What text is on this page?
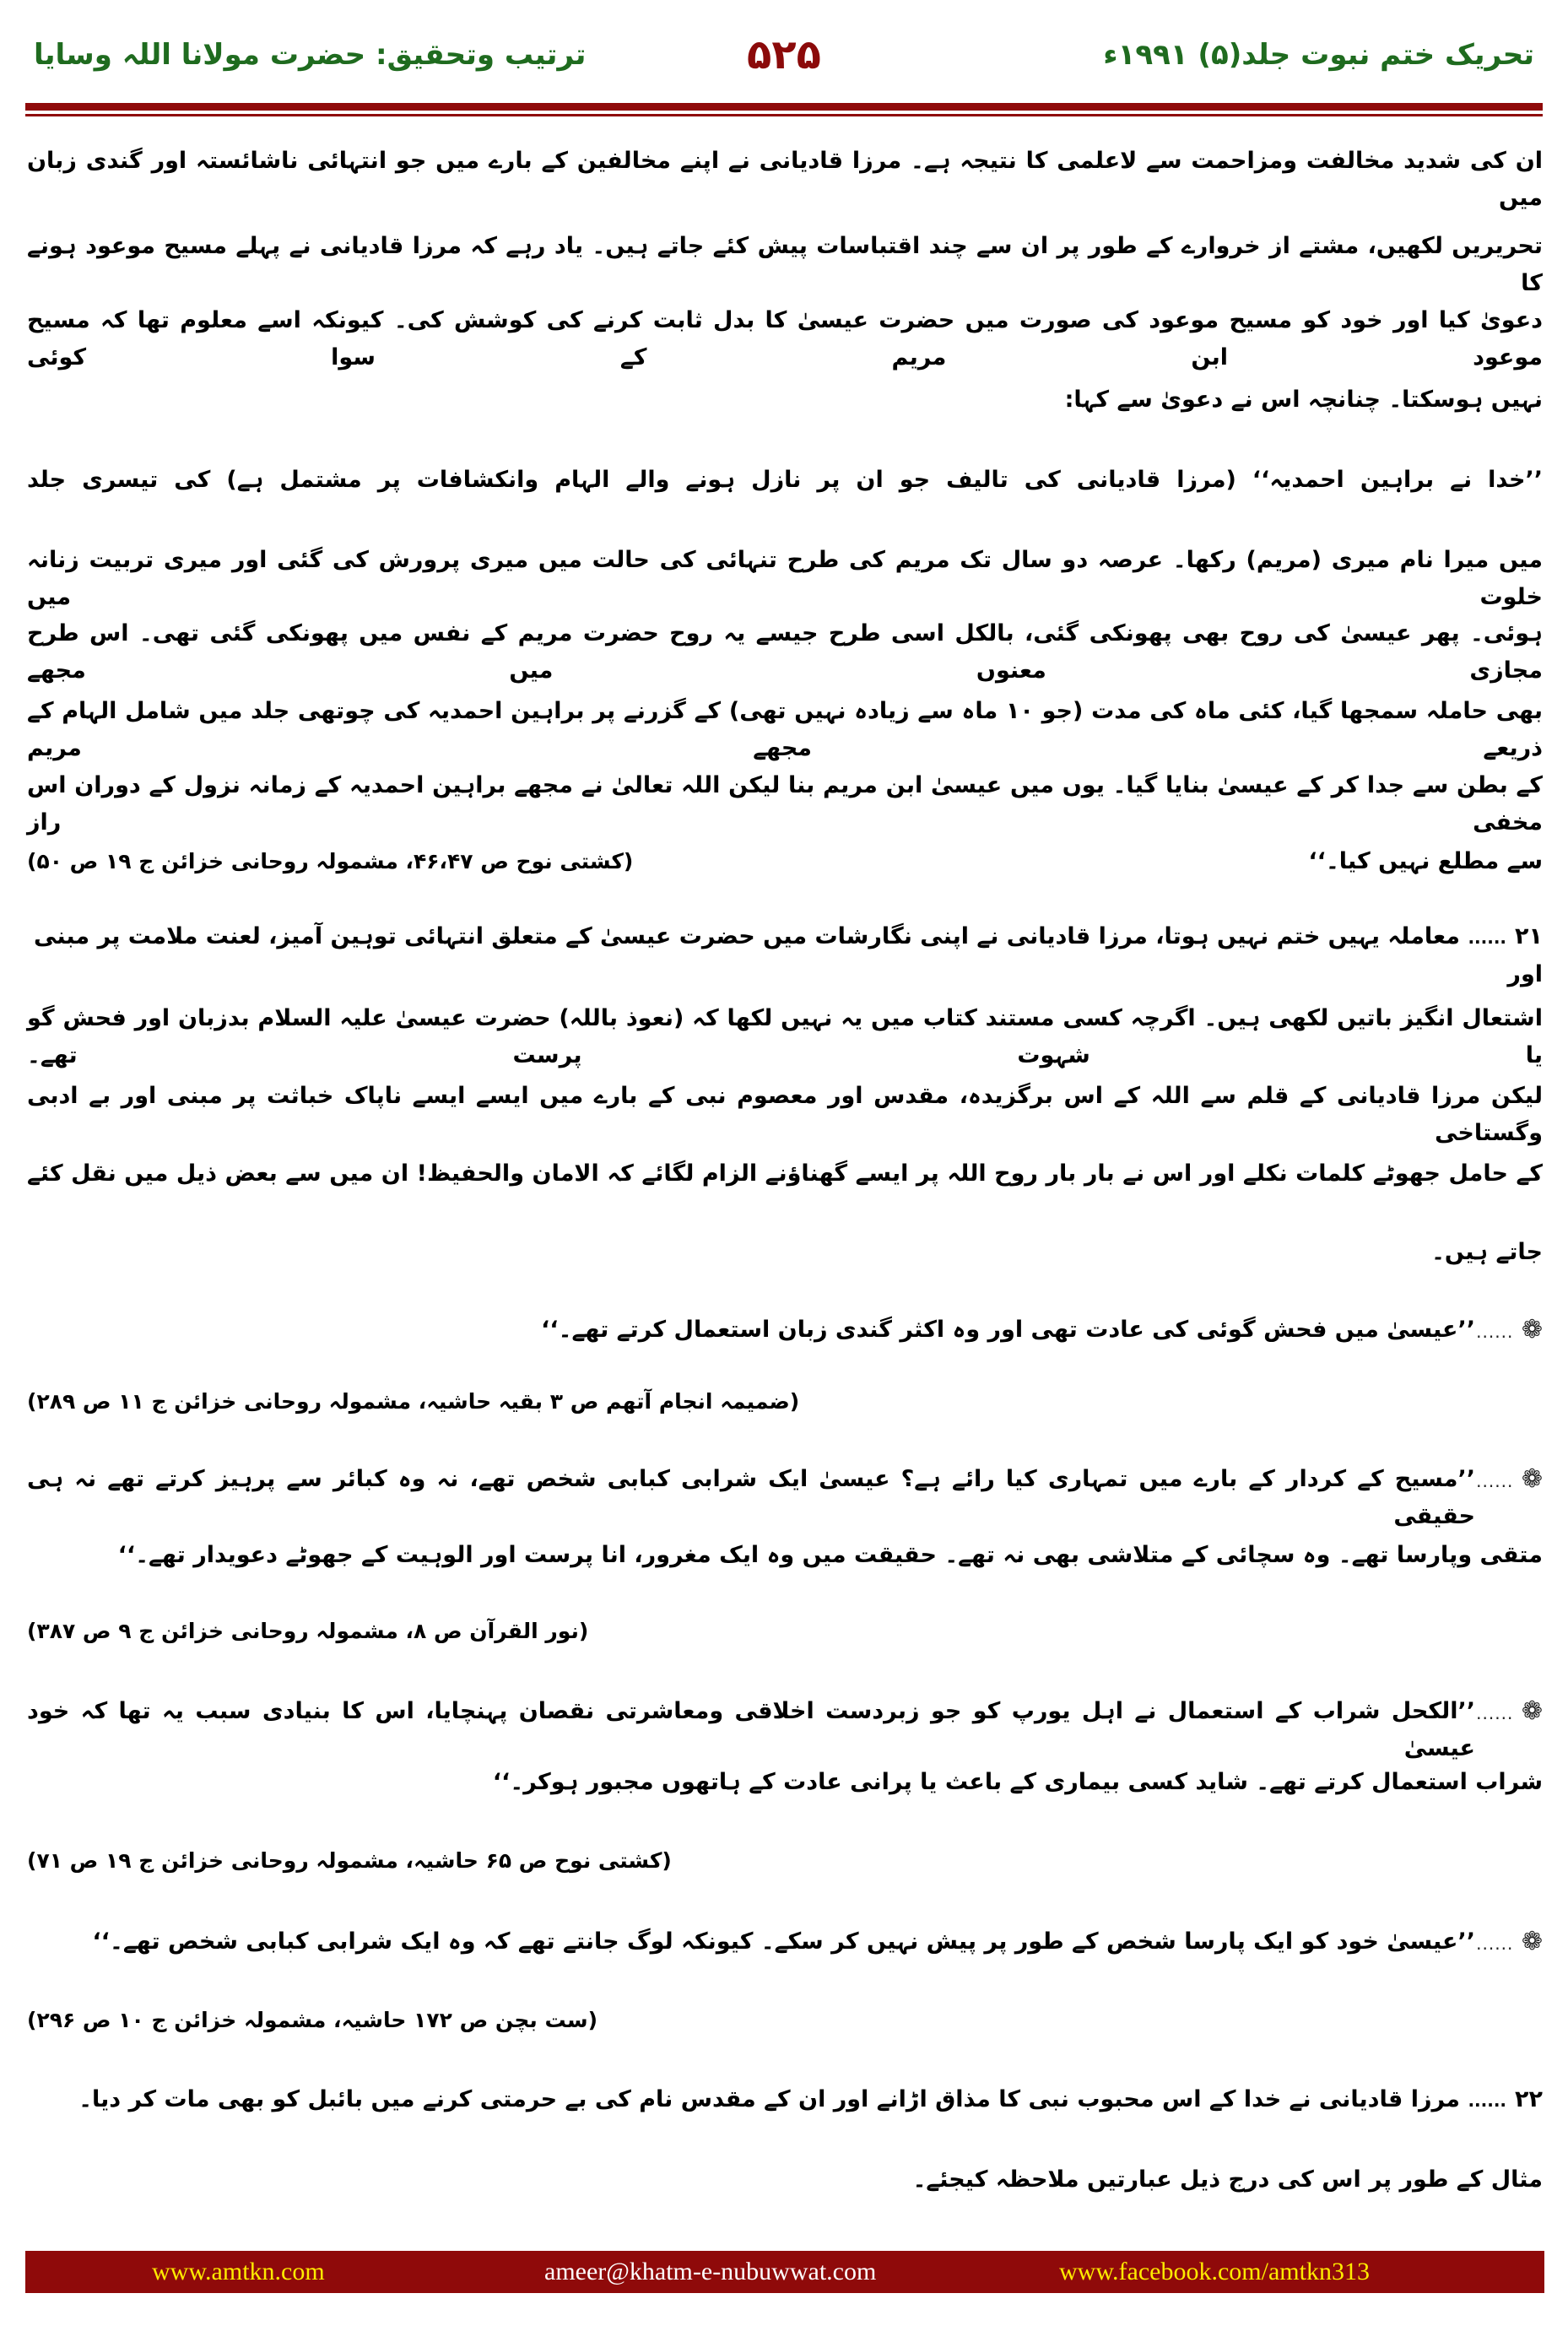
تحریک ختم نبوت جلد(۵) ۱۹۹۱ء
۵۲۵
ترتیب وتحقیق: حضرت مولانا اللہ وسایا
ان کی شدید مخالفت ومزاحمت سے لاعلمی کا نتیجہ ہے۔ مرزا قادیانی نے اپنے مخالفین کے بارے میں جو انتہائی ناشائستہ اور گندی زبان میں
تحریریں لکھیں، مشتے از خروارے کے طور پر ان سے چند اقتباسات پیش کئے جاتے ہیں۔ یاد رہے کہ مرزا قادیانی نے پہلے مسیح موعود ہونے کا
دعویٰ کیا اور خود کو مسیح موعود کی صورت میں حضرت عیسیٰ کا بدل ثابت کرنے کی کوشش کی۔ کیونکہ اسے معلوم تھا کہ مسیح موعود ابن مریم کے سوا کوئی
نہیں ہوسکتا۔ چنانچہ اس نے دعویٰ سے کہا:
’’خدا نے براہین احمدیہ‘‘ (مرزا قادیانی کی تالیف جو ان پر نازل ہونے والے الہام وانکشافات پر مشتمل ہے) کی تیسری جلد
میں میرا نام میری (مریم) رکھا۔ عرصہ دو سال تک مریم کی طرح تنہائی کی حالت میں میری پرورش کی گئی اور میری تربیت زنانہ خلوت میں
ہوئی۔ پھر عیسیٰ کی روح بھی پھونکی گئی، بالکل اسی طرح جیسے یہ روح حضرت مریم کے نفس میں پھونکی گئی تھی۔ اس طرح مجازی معنوں میں مجھے
بھی حاملہ سمجھا گیا، کئی ماہ کی مدت (جو ۱۰ ماہ سے زیادہ نہیں تھی) کے گزرنے پر براہین احمدیہ کی چوتھی جلد میں شامل الہام کے ذریعے مجھے مریم
کے بطن سے جدا کر کے عیسیٰ بنایا گیا۔ یوں میں عیسیٰ ابن مریم بنا لیکن اللہ تعالیٰ نے مجھے براہین احمدیہ کے زمانہ نزول کے دوران اس مخفی راز
سے مطلع نہیں کیا۔‘‘
(کشتی نوح ص ۴۶،۴۷، مشمولہ روحانی خزائن ج ۱۹ ص ۵۰)
۲۱...... معاملہ یہیں ختم نہیں ہوتا، مرزا قادیانی نے اپنی نگارشات میں حضرت عیسیٰ کے متعلق انتہائی توہین آمیز، لعنت ملامت پر مبنی اور
اشتعال انگیز باتیں لکھی ہیں۔ اگرچہ کسی مستند کتاب میں یہ نہیں لکھا کہ (نعوذ باللہ) حضرت عیسیٰ علیہ السلام بدزبان اور فحش گو یا شہوت پرست تھے۔
لیکن مرزا قادیانی کے قلم سے اللہ کے اس برگزیدہ، مقدس اور معصوم نبی کے بارے میں ایسے ایسے ناپاک خباثت پر مبنی اور بے ادبی وگستاخی
کے حامل جھوٹے کلمات نکلے اور اس نے بار بار روح اللہ پر ایسے گھناؤنے الزام لگائے کہ الامان والحفیظ! ان میں سے بعض ذیل میں نقل کئے
جاتے ہیں۔
...... ❁
’’عیسیٰ میں فحش گوئی کی عادت تھی اور وہ اکثر گندی زبان استعمال کرتے تھے۔‘‘
(ضمیمہ انجام آتھم ص ۳ بقیہ حاشیہ، مشمولہ روحانی خزائن ج ۱۱ ص ۲۸۹)
...... ❁
’’مسیح کے کردار کے بارے میں تمہاری کیا رائے ہے؟ عیسیٰ ایک شرابی کبابی شخص تھے، نہ وہ کبائر سے پرہیز کرتے تھے نہ ہی حقیقی
متقی وپارسا تھے۔ وہ سچائی کے متلاشی بھی نہ تھے۔ حقیقت میں وہ ایک مغرور، انا پرست اور الوہیت کے جھوٹے دعویدار تھے۔‘‘
(نور القرآن ص ۸، مشمولہ روحانی خزائن ج ۹ ص ۳۸۷)
...... ❁
’’الکحل شراب کے استعمال نے اہل یورپ کو جو زبردست اخلاقی ومعاشرتی نقصان پہنچایا، اس کا بنیادی سبب یہ تھا کہ خود عیسیٰ
شراب استعمال کرتے تھے۔ شاید کسی بیماری کے باعث یا پرانی عادت کے ہاتھوں مجبور ہوکر۔‘‘
(کشتی نوح ص ۶۵ حاشیہ، مشمولہ روحانی خزائن ج ۱۹ ص ۷۱)
...... ❁
’’عیسیٰ خود کو ایک پارسا شخص کے طور پر پیش نہیں کر سکے۔ کیونکہ لوگ جانتے تھے کہ وہ ایک شرابی کبابی شخص تھے۔‘‘
(ست بچن ص ۱۷۲ حاشیہ، مشمولہ خزائن ج ۱۰ ص ۲۹۶)
۲۲...... مرزا قادیانی نے خدا کے اس محبوب نبی کا مذاق اڑانے اور ان کے مقدس نام کی بے حرمتی کرنے میں بائبل کو بھی مات کر دیا۔
مثال کے طور پر اس کی درج ذیل عبارتیں ملاحظہ کیجئے۔
www.amtkn.com	ameer@khatm-e-nubuwwat.com	www.facebook.com/amtkn313
